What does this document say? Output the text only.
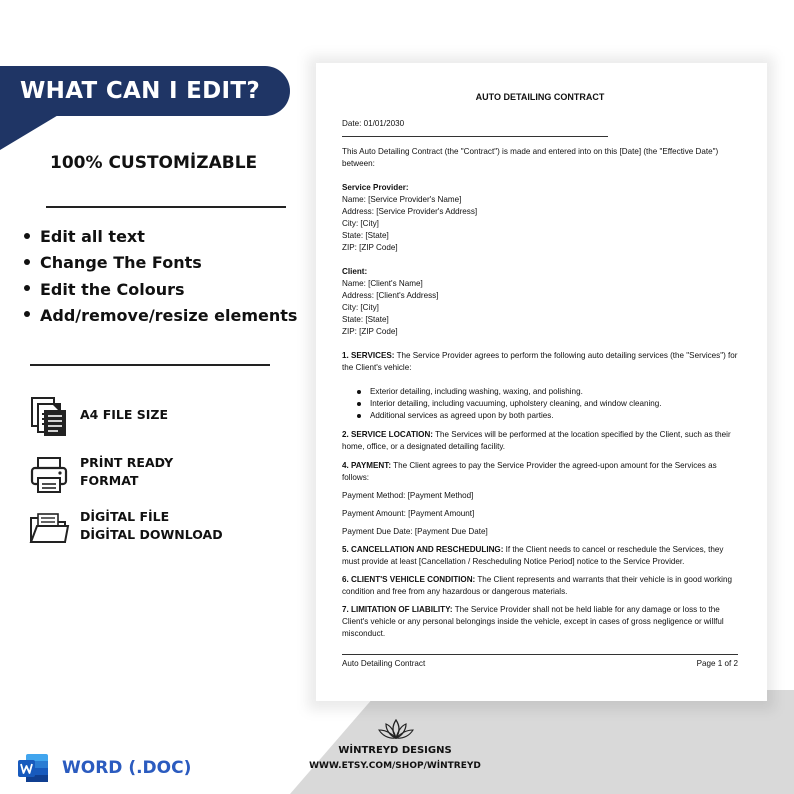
WHAT CAN I EDIT?
100% CUSTOMİZABLE
Edit all text
Change The Fonts
Edit the Colours
Add/remove/resize elements
A4 FILE SIZE
PRİNT READY
FORMAT
DİGİTAL FİLE
DİGİTAL DOWNLOAD
AUTO DETAILING CONTRACT
Date: 01/01/2030
This Auto Detailing Contract (the "Contract") is made and entered into on this [Date] (the "Effective Date") between:
Service Provider:
Name: [Service Provider's Name]
Address: [Service Provider's Address]
City: [City]
State: [State]
ZIP: [ZIP Code]
Client:
Name: [Client's Name]
Address: [Client's Address]
City: [City]
State: [State]
ZIP: [ZIP Code]
1. SERVICES: The Service Provider agrees to perform the following auto detailing services (the "Services") for the Client's vehicle:
Exterior detailing, including washing, waxing, and polishing.
Interior detailing, including vacuuming, upholstery cleaning, and window cleaning.
Additional services as agreed upon by both parties.
2. SERVICE LOCATION: The Services will be performed at the location specified by the Client, such as their home, office, or a designated detailing facility.
4. PAYMENT: The Client agrees to pay the Service Provider the agreed-upon amount for the Services as follows:
Payment Method: [Payment Method]
Payment Amount: [Payment Amount]
Payment Due Date: [Payment Due Date]
5. CANCELLATION AND RESCHEDULING: If the Client needs to cancel or reschedule the Services, they must provide at least [Cancellation / Rescheduling Notice Period] notice to the Service Provider.
6. CLIENT'S VEHICLE CONDITION: The Client represents and warrants that their vehicle is in good working condition and free from any hazardous or dangerous materials.
7. LIMITATION OF LIABILITY: The Service Provider shall not be held liable for any damage or loss to the Client's vehicle or any personal belongings inside the vehicle, except in cases of gross negligence or willful misconduct.
Auto Detailing Contract	Page 1 of 2
WİNTREYD DESIGNS
WWW.ETSY.COM/SHOP/WİNTREYD
WORD (.DOC)
